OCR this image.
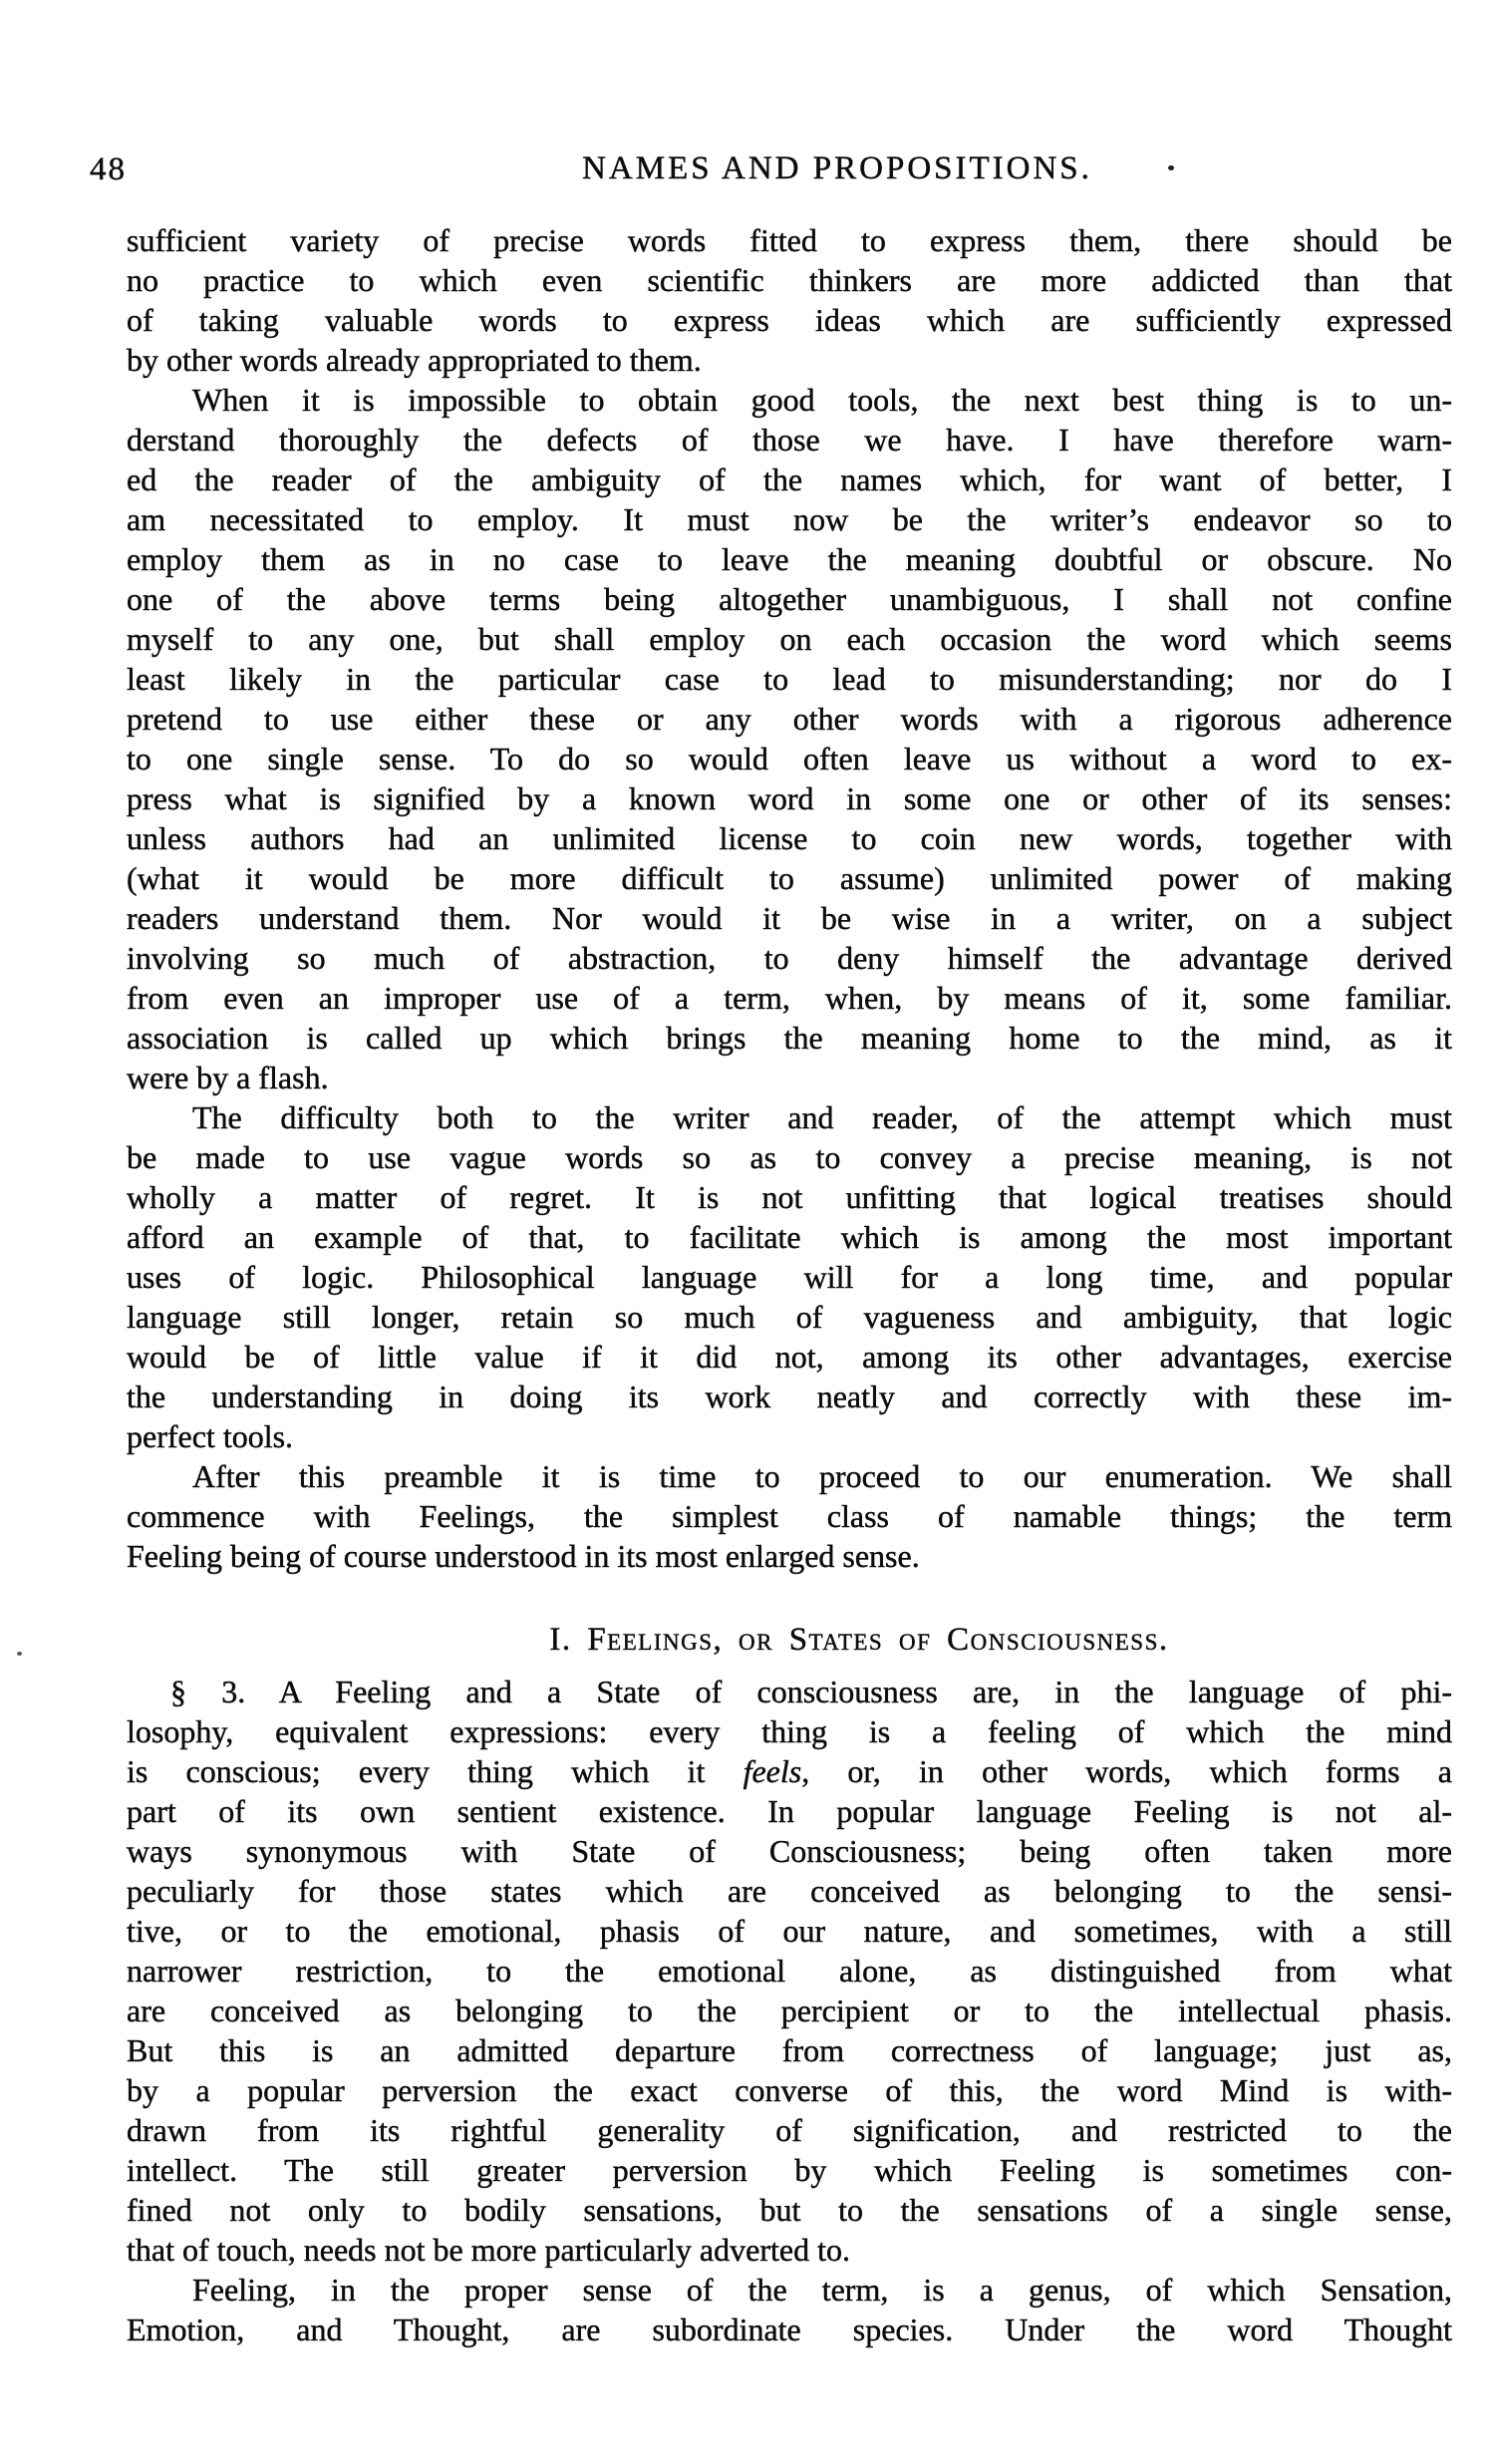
48	NAMES AND PROPOSITIONS.
sufficient variety of precise words fitted to express them, there should be
no practice to which even scientific thinkers are more addicted than that
of taking valuable words to express ideas which are sufficiently expressed
by other words already appropriated to them.
When it is impossible to obtain good tools, the next best thing is to un-
derstand thoroughly the defects of those we have. I have therefore warn-
ed the reader of the ambiguity of the names which, for want of better, I
am necessitated to employ. It must now be the writer’s endeavor so to
employ them as in no case to leave the meaning doubtful or obscure. No
one of the above terms being altogether unambiguous, I shall not confine
myself to any one, but shall employ on each occasion the word which seems
least likely in the particular case to lead to misunderstanding; nor do I
pretend to use either these or any other words with a rigorous adherence
to one single sense. To do so would often leave us without a word to ex-
press what is signified by a known word in some one or other of its senses:
unless authors had an unlimited license to coin new words, together with
(what it would be more difficult to assume) unlimited power of making
readers understand them. Nor would it be wise in a writer, on a subject
involving so much of abstraction, to deny himself the advantage derived
from even an improper use of a term, when, by means of it, some familiar.
association is called up which brings the meaning home to the mind, as it
were by a flash.
The difficulty both to the writer and reader, of the attempt which must
be made to use vague words so as to convey a precise meaning, is not
wholly a matter of regret. It is not unfitting that logical treatises should
afford an example of that, to facilitate which is among the most important
uses of logic. Philosophical language will for a long time, and popular
language still longer, retain so much of vagueness and ambiguity, that logic
would be of little value if it did not, among its other advantages, exercise
the understanding in doing its work neatly and correctly with these im-
perfect tools.
After this preamble it is time to proceed to our enumeration. We shall
commence with Feelings, the simplest class of namable things; the term
Feeling being of course understood in its most enlarged sense.
I. Feelings, or States of Consciousness.
§ 3. A Feeling and a State of consciousness are, in the language of phi-
losophy, equivalent expressions: every thing is a feeling of which the mind
is conscious; every thing which it feels, or, in other words, which forms a
part of its own sentient existence. In popular language Feeling is not al-
ways synonymous with State of Consciousness; being often taken more
peculiarly for those states which are conceived as belonging to the sensi-
tive, or to the emotional, phasis of our nature, and sometimes, with a still
narrower restriction, to the emotional alone, as distinguished from what
are conceived as belonging to the percipient or to the intellectual phasis.
But this is an admitted departure from correctness of language; just as,
by a popular perversion the exact converse of this, the word Mind is with-
drawn from its rightful generality of signification, and restricted to the
intellect. The still greater perversion by which Feeling is sometimes con-
fined not only to bodily sensations, but to the sensations of a single sense,
that of touch, needs not be more particularly adverted to.
Feeling, in the proper sense of the term, is a genus, of which Sensation,
Emotion, and Thought, are subordinate species. Under the word Thought
